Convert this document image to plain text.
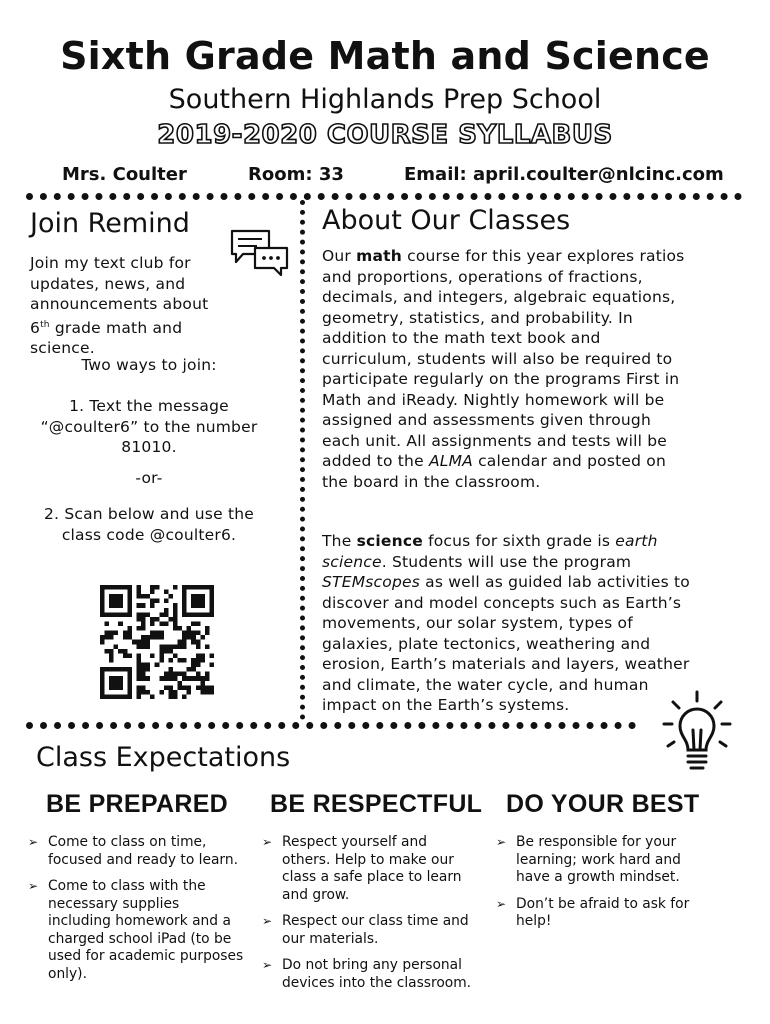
Sixth Grade Math and Science
Southern Highlands Prep School
2019-2020 COURSE SYLLABUS
Mrs. Coulter	Room: 33	Email: april.coulter@nlcinc.com
Join Remind
Join my text club for updates, news, and announcements about 6th grade math and science.
Two ways to join:
1. Text the message “@coulter6” to the number 81010.
-or-
2. Scan below and use the class code @coulter6.
About Our Classes
Our math course for this year explores ratios and proportions, operations of fractions, decimals, and integers, algebraic equations, geometry, statistics, and probability. In addition to the math text book and curriculum, students will also be required to participate regularly on the programs First in Math and iReady. Nightly homework will be assigned and assessments given through each unit. All assignments and tests will be added to the ALMA calendar and posted on the board in the classroom.
The science focus for sixth grade is earth science. Students will use the program STEMscopes as well as guided lab activities to discover and model concepts such as Earth’s movements, our solar system, types of galaxies, plate tectonics, weathering and erosion, Earth’s materials and layers, weather and climate, the water cycle, and human impact on the Earth’s systems.
Class Expectations
BE PREPARED BE RESPECTFUL DO YOUR BEST
➢ Come to class on time, focused and ready to learn.
➢ Come to class with the necessary supplies including homework and a charged school iPad (to be used for academic purposes only).
➢ Respect yourself and others. Help to make our class a safe place to learn and grow.
➢ Respect our class time and our materials.
➢ Do not bring any personal devices into the classroom.
➢ Be responsible for your learning; work hard and have a growth mindset.
➢ Don’t be afraid to ask for help!
